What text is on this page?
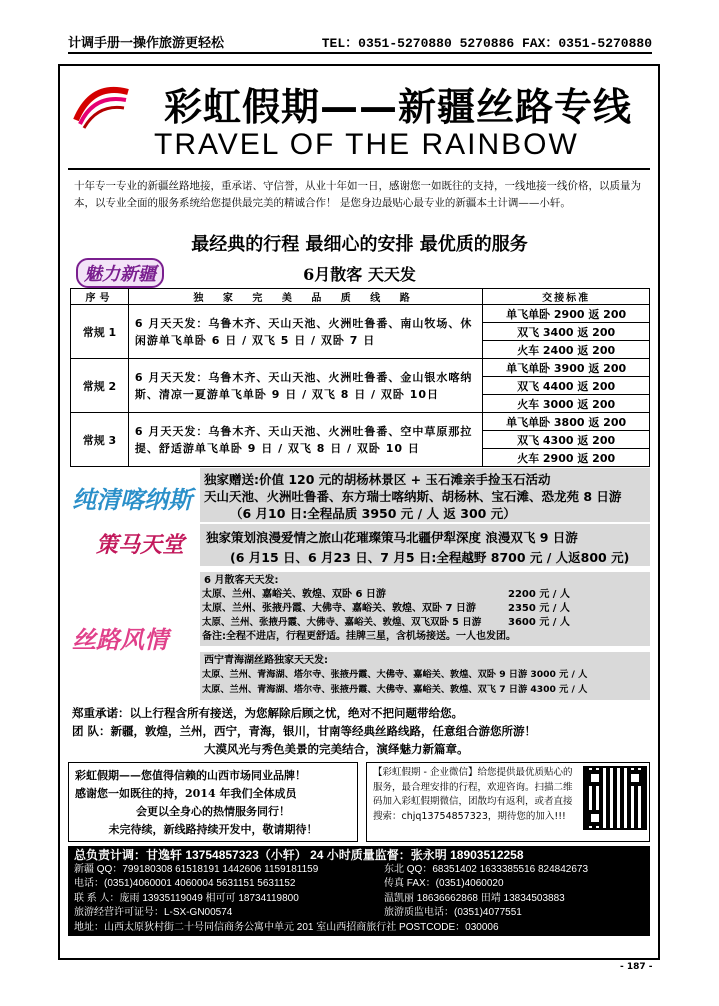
计调手册一操作旅游更轻松	TEL：0351-5270880 5270886 FAX：0351-5270880
彩虹假期——新疆丝路专线
TRAVEL OF THE RAINBOW
十年专一专业的新疆丝路地接，重承诺、守信誉，从业十年如一日，感谢您一如既往的支持，一线地接一线价格，以质量为本，以专业全面的服务系统给您提供最完美的精诚合作！ 是您身边最贴心最专业的新疆本土计调——小轩。
最经典的行程 最细心的安排 最优质的服务
魅力新疆	6月散客 天天发
序号	独 家 完 美 品 质 线 路	交接标准
常规 1	6 月天天发：乌鲁木齐、天山天池、火洲吐鲁番、南山牧场、休闲游单飞单卧 6 日 / 双飞 5 日 / 双卧 7 日	单飞单卧 2900 返 200
		双飞 3400 返 200
		火车 2400 返 200
常规 2	6 月天天发：乌鲁木齐、天山天池、火洲吐鲁番、金山银水喀纳斯、清凉一夏游单飞单卧 9 日 / 双飞 8 日 / 双卧 10日	单飞单卧 3900 返 200
		双飞 4400 返 200
		火车 3000 返 200
常规 3	6 月天天发：乌鲁木齐、天山天池、火洲吐鲁番、空中草原那拉提、舒适游单飞单卧 9 日 / 双飞 8 日 / 双卧 10 日	单飞单卧 3800 返 200
		双飞 4300 返 200
		火车 2900 返 200
纯清喀纳斯
独家赠送:价值 120 元的胡杨林景区 + 玉石滩亲手捡玉石活动
天山天池、火洲吐鲁番、东方瑞士喀纳斯、胡杨林、宝石滩、恐龙苑 8 日游
（6 月10 日:全程品质 3950 元 / 人 返 300 元）
策马天堂 独家策划浪漫爱情之旅山花璀璨策马北疆伊犁深度 浪漫双飞 9 日游
(6 月15 日、6 月23 日、7 月5 日:全程越野 8700 元 / 人返800 元)
丝路风情
6 月散客天天发:
太原、兰州、嘉峪关、敦煌、双卧 6 日游	2200 元 / 人
太原、兰州、张掖丹霞、大佛寺、嘉峪关、敦煌、双卧 7 日游	2350 元 / 人
太原、兰州、张掖丹霞、大佛寺、嘉峪关、敦煌、双飞双卧 5 日游	3600 元 / 人
备注:全程不进店，行程更舒适。挂牌三星，含机场接送。一人也发团。
西宁青海湖丝路独家天天发:
太原、兰州、青海湖、塔尔寺、张掖丹霞、大佛寺、嘉峪关、敦煌、双卧 9 日游 3000 元 / 人
太原、兰州、青海湖、塔尔寺、张掖丹霞、大佛寺、嘉峪关、敦煌、双飞 7 日游 4300 元 / 人
郑重承诺：以上行程含所有接送，为您解除后顾之忧，绝对不把问题带给您。
团 队：新疆，敦煌，兰州，西宁，青海，银川，甘南等经典丝路线路，任意组合游您所游！
大漠风光与秀色美景的完美结合，演绎魅力新篇章。
彩虹假期——您值得信赖的山西市场同业品牌！
感谢您一如既往的持，2014 年我们全体成员
会更以全身心的热情服务同行！
未完待续，新线路持续开发中，敬请期待！
【彩虹假期 - 企业微信】给您提供最优质贴心的服务，最合理安排的行程，欢迎咨询。扫描二维码加入彩虹假期微信，团散均有返利，或者直接搜索：chjq13754857323，期待您的加入!!!
总负责计调：甘逸轩 13754857323（小轩） 24 小时质量监督：张永明 18903512258
新疆 QQ：799180308 61518191 1442606 1159181159	东北 QQ：68351402 1633385516 824842673
电话：(0351)4060001 4060004 5631151 5631152	传真 FAX：(0351)4060020
联 系 人：庞雨 13935119049 相可可 18734119800	温凯丽 18636662868 田靖 13834503883
旅游经营许可证号：L-SX-GN00574	旅游质监电话：(0351)4077551
地址：山西太原狄村街二十号同信商务公寓中单元 201 室山西招商旅行社 POSTCODE：030006
- 187 -
